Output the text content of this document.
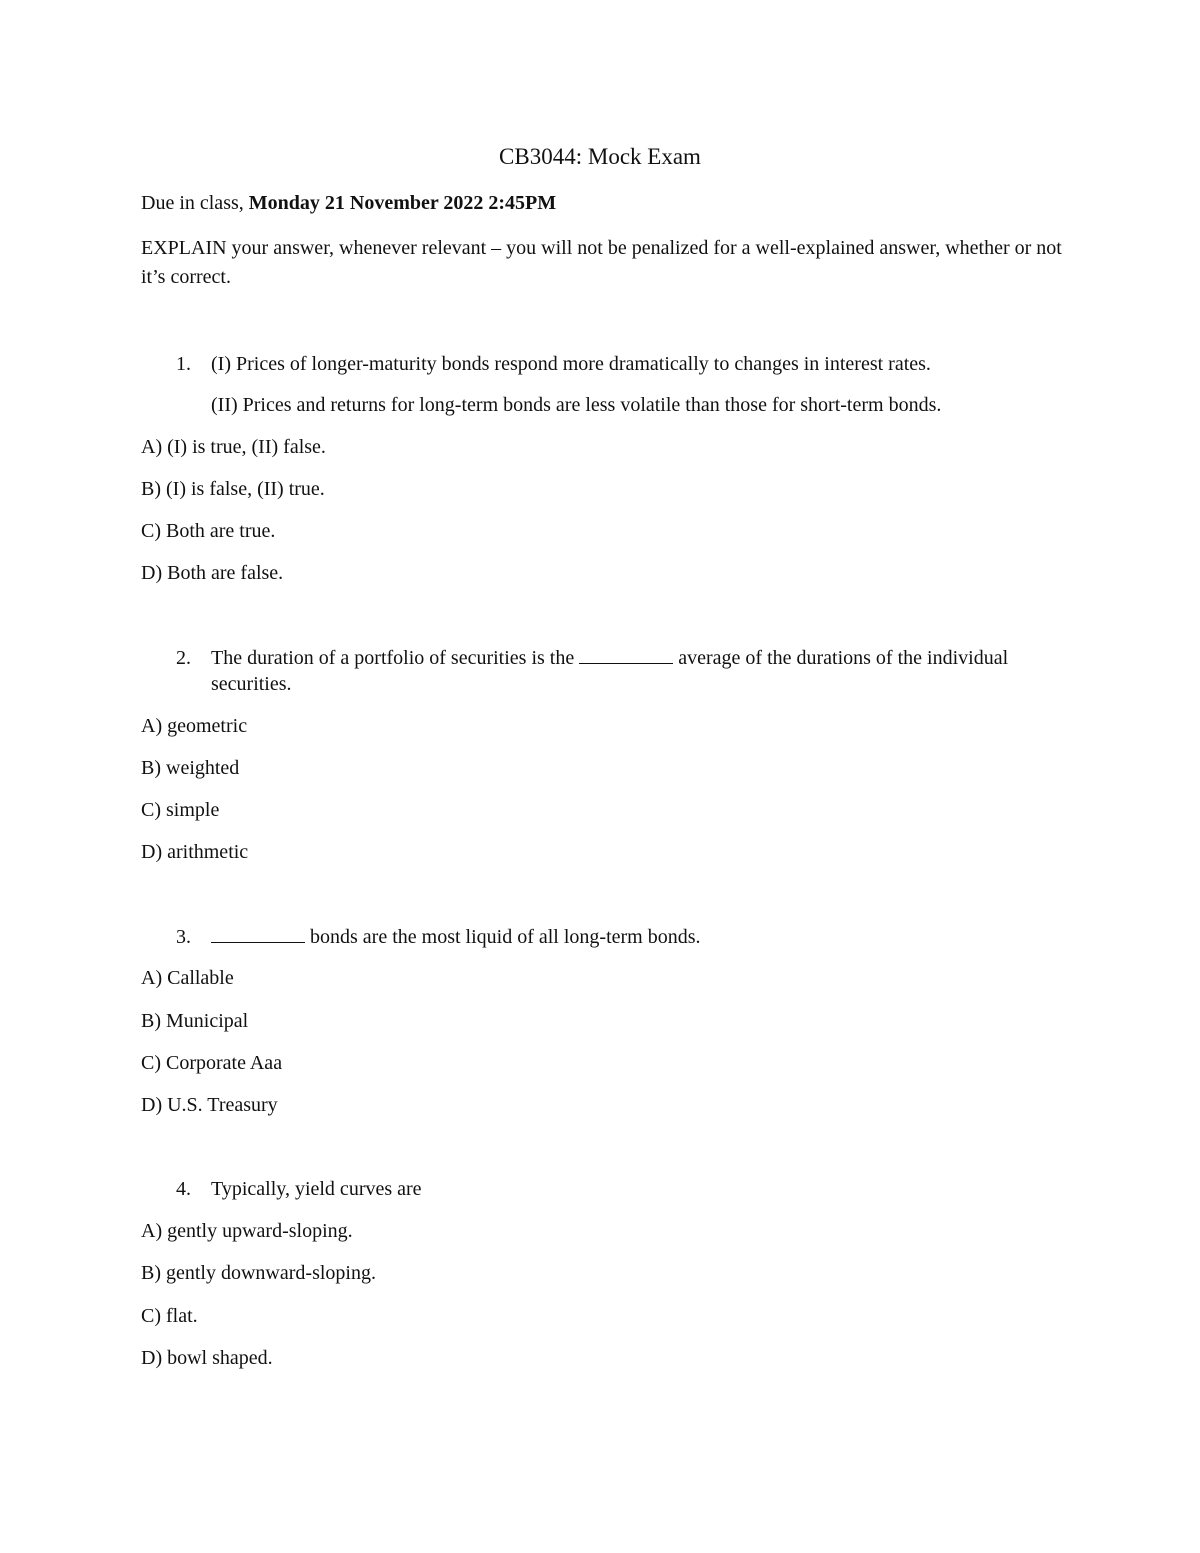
CB3044: Mock Exam
Due in class, Monday 21 November 2022 2:45PM
EXPLAIN your answer, whenever relevant – you will not be penalized for a well-explained answer, whether or not it’s correct.
1. (I) Prices of longer-maturity bonds respond more dramatically to changes in interest rates.
(II) Prices and returns for long-term bonds are less volatile than those for short-term bonds.
A) (I) is true, (II) false.
B) (I) is false, (II) true.
C) Both are true.
D) Both are false.
2. The duration of a portfolio of securities is the	average of the durations of the individual securities.
A) geometric
B) weighted
C) simple
D) arithmetic
3.	bonds are the most liquid of all long-term bonds.
A) Callable
B) Municipal
C) Corporate Aaa
D) U.S. Treasury
4. Typically, yield curves are
A) gently upward-sloping.
B) gently downward-sloping.
C) flat.
D) bowl shaped.
